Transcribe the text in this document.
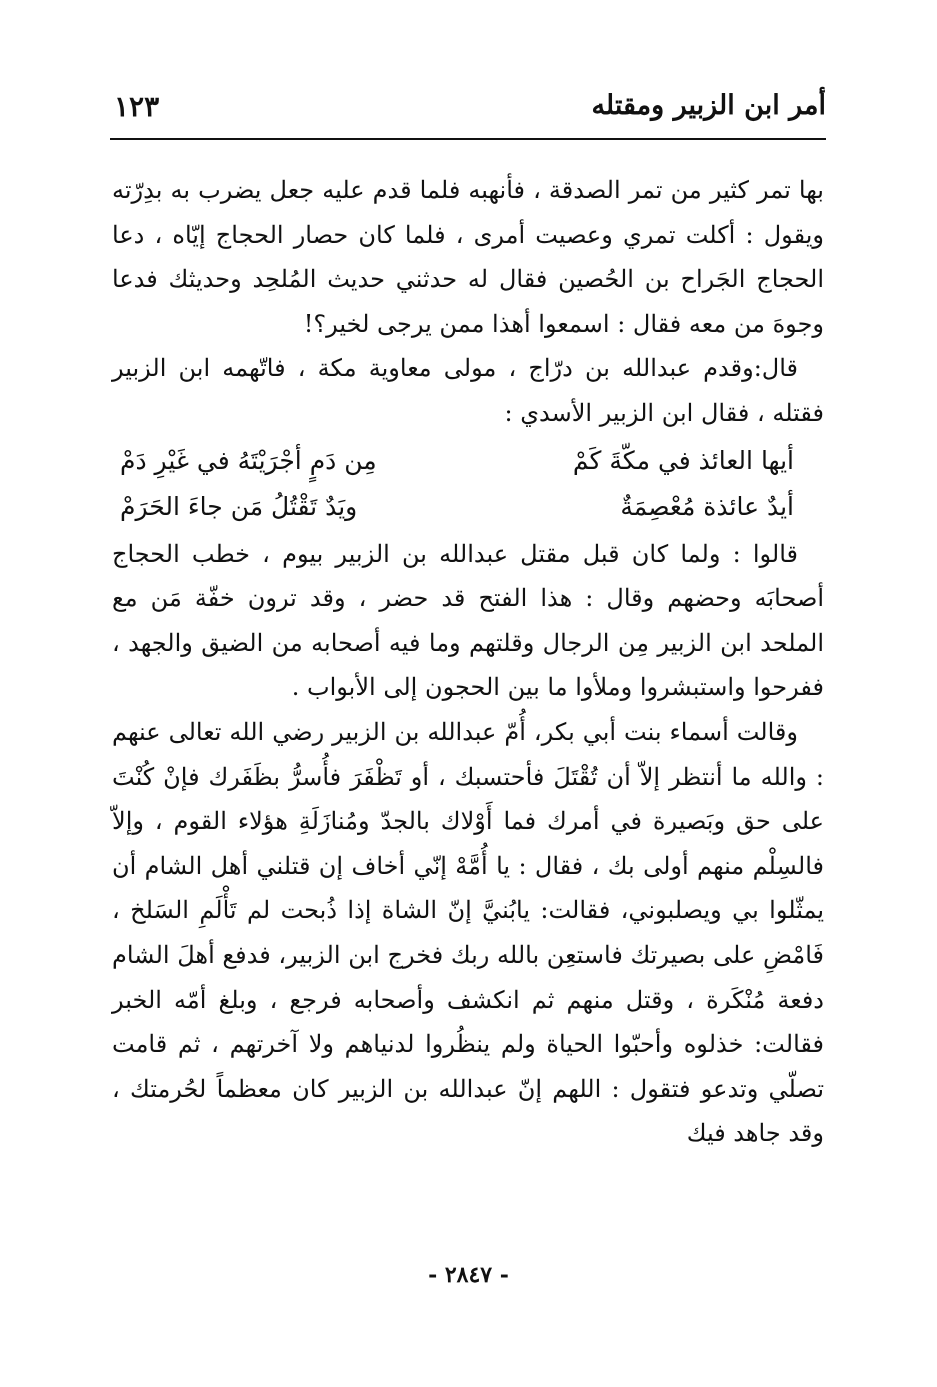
أمر ابن الزبير ومقتله
١٢٣

بها تمر كثير من تمر الصدقة ، فأنهبه فلما قدم عليه جعل يضرب به بدِرّته ويقول : أكلت تمري وعصيت أمرى ، فلما كان حصار الحجاج إيّاه ، دعا الحجاج الجَراح بن الحُصين فقال له حدثني حديث المُلحِد وحديثك فدعا وجوهَ من معه فقال : اسمعوا أهذا ممن يرجى لخير؟!

قال:وقدم عبدالله بن درّاج ، مولى معاوية مكة ، فاتّهمه ابن الزبير فقتله ، فقال ابن الزبير الأسدي :

أيها العائذ في مكّةَ كَمْ
مِن دَمٍ أجْرَيْتَهُ في غَيْرِ دَمْ
أيدٌ عائذة مُعْصِمَةٌ
ويَدٌ تَقْتُلُ مَن جاءَ الحَرَمْ

قالوا : ولما كان قبل مقتل عبدالله بن الزبير بيوم ، خطب الحجاج أصحابَه وحضهم وقال : هذا الفتح قد حضر ، وقد ترون خفّة مَن مع الملحد ابن الزبير مِن الرجال وقلتهم وما فيه أصحابه من الضيق والجهد ، ففرحوا واستبشروا وملأوا ما بين الحجون إلى الأبواب .

وقالت أسماء بنت أبي بكر، أُمّ عبدالله بن الزبير رضي الله تعالى عنهم : والله ما أنتظر إلاّ أن تُقْتَلَ فأحتسبك ، أو تَظْفَرَ فأُسرُّ بظَفَرك فإنْ كُنْتَ على حق وبَصيرة في أمرك فما أَوْلاك بالجدّ ومُنازَلَةِ هؤلاء القوم ، وإلاّ فالسِلْم منهم أولى بك ، فقال : يا أُمَّهْ إنّي أخاف إن قتلني أهل الشام أن يمثّلوا بي ويصلبوني، فقالت: يابُنيَّ إنّ الشاة إذا ذُبحت لم تَأْلَمِ السَلخ ، فَامْضِ على بصيرتك فاستعِن بالله ربك فخرج ابن الزبير، فدفع أهلَ الشام دفعة مُنْكَرة ، وقتل منهم ثم انكشف وأصحابه فرجع ، وبلغ أمّه الخبر فقالت: خذلوه وأحبّوا الحياة ولم ينظُروا لدنياهم ولا آخرتهم ، ثم قامت تصلّي وتدعو فتقول : اللهم إنّ عبدالله بن الزبير كان معظماً لحُرمتك ، وقد جاهد فيك

- ٢٨٤٧ -
